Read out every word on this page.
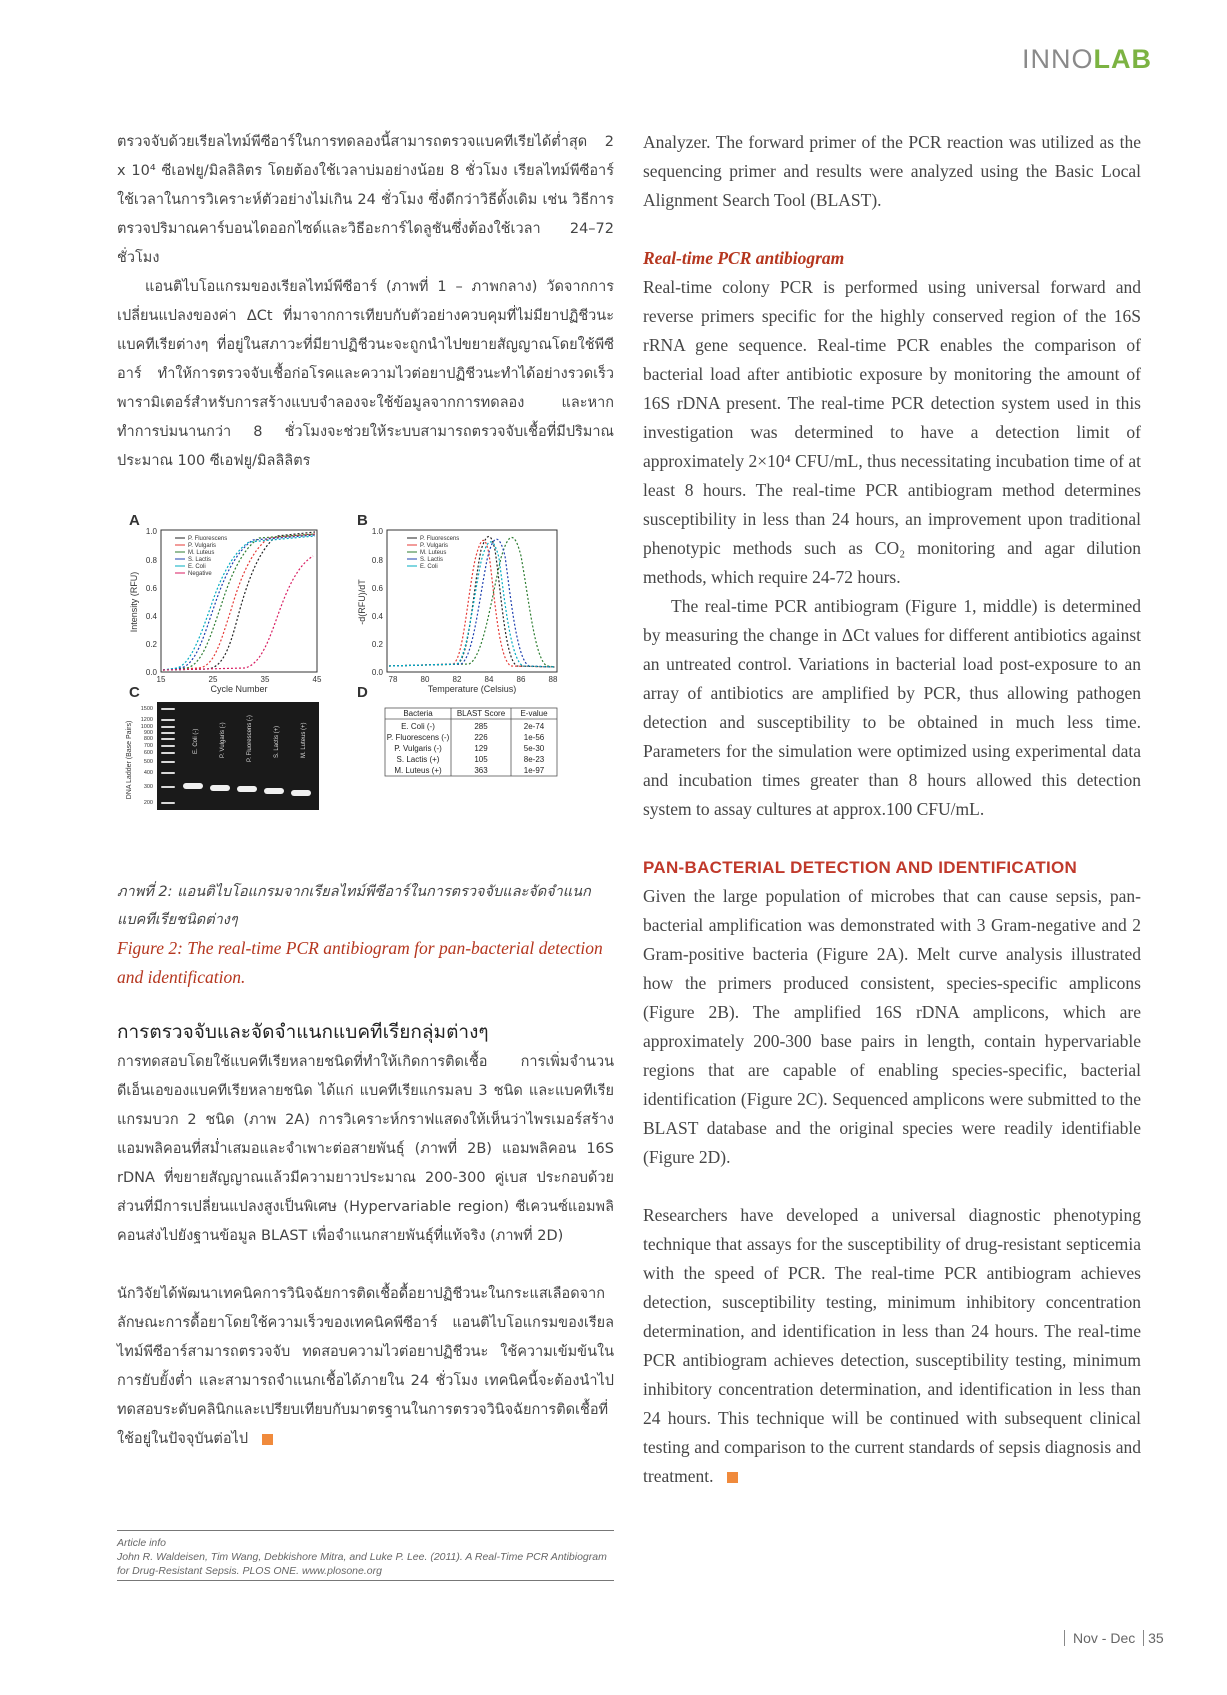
INNOLAB

ตรวจจับด้วยเรียลไทม์พีซีอาร์ในการทดลองนี้สามารถตรวจแบคทีเรียได้ต่ำสุด 2 x 10⁴ ซีเอฟยู/มิลลิลิตร โดยต้องใช้เวลาบ่มอย่างน้อย 8 ชั่วโมง เรียลไทม์พีซีอาร์ใช้เวลาในการวิเคราะห์ตัวอย่างไม่เกิน 24 ชั่วโมง ซึ่งดีกว่าวิธีดั้งเดิม เช่น วิธีการตรวจปริมาณคาร์บอนไดออกไซด์และวิธีอะการ์ไดลูชันซึ่งต้องใช้เวลา 24–72 ชั่วโมง

แอนติไบโอแกรมของเรียลไทม์พีซีอาร์ (ภาพที่ 1 – ภาพกลาง) วัดจากการเปลี่ยนแปลงของค่า ΔCt ที่มาจากการเทียบกับตัวอย่างควบคุมที่ไม่มียาปฏิชีวนะ แบคทีเรียต่างๆ ที่อยู่ในสภาวะที่มียาปฏิชีวนะจะถูกนำไปขยายสัญญาณโดยใช้พีซีอาร์ ทำให้การตรวจจับเชื้อก่อโรคและความไวต่อยาปฏิชีวนะทำได้อย่างรวดเร็ว พารามิเตอร์สำหรับการสร้างแบบจำลองจะใช้ข้อมูลจากการทดลอง และหากทำการบ่มนานกว่า 8 ชั่วโมงจะช่วยให้ระบบสามารถตรวจจับเชื้อที่มีปริมาณประมาณ 100 ซีเอฟยู/มิลลิลิตร

A	B
C	D
0.0
0.2
0.4
0.6
0.8
1.0
15	25	35	45
Cycle Number
Intensity (RFU)
P. Fluorescens
P. Vulgaris
M. Luteus
S. Lactis
E. Coli
Negative
0.0
0.2
0.4
0.6
0.8
1.0
78	80	82	84	86	88
Temperature (Celsius)
-d(RFU)/dT
P. Fluorescens
P. Vulgaris
M. Luteus
S. Lactis
E. Coli
DNA Ladder (Base Pairs)
1500
1200
1000
900
800
700
600
500
400
300
200
E. Coli (-)	P. Vulgaris (-)	P. Fluorescens (-)	S. Lactis (+)	M. Luteus (+)
Bacteria	BLAST Score E-value
E. Coli (-)	285	2e-74
P. Fluorescens (-)	226	1e-56
P. Vulgaris (-)	129	5e-30
S. Lactis (+)	105	8e-23
M. Luteus (+)	363	1e-97

ภาพที่ 2: แอนติไบโอแกรมจากเรียลไทม์พีซีอาร์ในการตรวจจับและจัดจำแนกแบคทีเรียชนิดต่างๆ

Figure 2: The real-time PCR antibiogram for pan-bacterial detection and identification.

การตรวจจับและจัดจำแนกแบคทีเรียกลุ่มต่างๆ

การทดสอบโดยใช้แบคทีเรียหลายชนิดที่ทำให้เกิดการติดเชื้อ การเพิ่มจำนวนดีเอ็นเอของแบคทีเรียหลายชนิด ได้แก่ แบคทีเรียแกรมลบ 3 ชนิด และแบคทีเรียแกรมบวก 2 ชนิด (ภาพ 2A) การวิเคราะห์กราฟแสดงให้เห็นว่าไพรเมอร์สร้างแอมพลิคอนที่สม่ำเสมอและจำเพาะต่อสายพันธุ์ (ภาพที่ 2B) แอมพลิคอน 16S rDNA ที่ขยายสัญญาณแล้วมีความยาวประมาณ 200-300 คู่เบส ประกอบด้วยส่วนที่มีการเปลี่ยนแปลงสูงเป็นพิเศษ (Hypervariable region) ซีเควนซ์แอมพลิคอนส่งไปยังฐานข้อมูล BLAST เพื่อจำแนกสายพันธุ์ที่แท้จริง (ภาพที่ 2D)

นักวิจัยได้พัฒนาเทคนิคการวินิจฉัยการติดเชื้อดื้อยาปฏิชีวนะในกระแสเลือดจากลักษณะการดื้อยาโดยใช้ความเร็วของเทคนิคพีซีอาร์ แอนติไบโอแกรมของเรียลไทม์พีซีอาร์สามารถตรวจจับ ทดสอบความไวต่อยาปฏิชีวนะ ใช้ความเข้มข้นในการยับยั้งต่ำ และสามารถจำแนกเชื้อได้ภายใน 24 ชั่วโมง เทคนิคนี้จะต้องนำไปทดสอบระดับคลินิกและเปรียบเทียบกับมาตรฐานในการตรวจวินิจฉัยการติดเชื้อที่ใช้อยู่ในปัจจุบันต่อไป

Article info
John R. Waldeisen, Tim Wang, Debkishore Mitra, and Luke P. Lee. (2011). A Real-Time PCR Antibiogram for Drug-Resistant Sepsis. PLOS ONE. www.plosone.org

Analyzer. The forward primer of the PCR reaction was utilized as the sequencing primer and results were analyzed using the Basic Local Alignment Search Tool (BLAST).

Real-time PCR antibiogram

Real-time colony PCR is performed using universal forward and reverse primers specific for the highly conserved region of the 16S rRNA gene sequence. Real-time PCR enables the comparison of bacterial load after antibiotic exposure by monitoring the amount of 16S rDNA present. The real-time PCR detection system used in this investigation was determined to have a detection limit of approximately 2×10⁴ CFU/mL, thus necessitating incubation time of at least 8 hours. The real-time PCR antibiogram method determines susceptibility in less than 24 hours, an improvement upon traditional phenotypic methods such as CO₂ monitoring and agar dilution methods, which require 24-72 hours.

The real-time PCR antibiogram (Figure 1, middle) is determined by measuring the change in ΔCt values for different antibiotics against an untreated control. Variations in bacterial load post-exposure to an array of antibiotics are amplified by PCR, thus allowing pathogen detection and susceptibility to be obtained in much less time. Parameters for the simulation were optimized using experimental data and incubation times greater than 8 hours allowed this detection system to assay cultures at approx.100 CFU/mL.

PAN-BACTERIAL DETECTION AND IDENTIFICATION

Given the large population of microbes that can cause sepsis, pan-bacterial amplification was demonstrated with 3 Gram-negative and 2 Gram-positive bacteria (Figure 2A). Melt curve analysis illustrated how the primers produced consistent, species-specific amplicons (Figure 2B). The amplified 16S rDNA amplicons, which are approximately 200-300 base pairs in length, contain hypervariable regions that are capable of enabling species-specific, bacterial identification (Figure 2C). Sequenced amplicons were submitted to the BLAST database and the original species were readily identifiable (Figure 2D).

Researchers have developed a universal diagnostic phenotyping technique that assays for the susceptibility of drug-resistant septicemia with the speed of PCR. The real-time PCR antibiogram achieves detection, susceptibility testing, minimum inhibitory concentration determination, and identification in less than 24 hours. The real-time PCR antibiogram achieves detection, susceptibility testing, minimum inhibitory concentration determination, and identification in less than 24 hours. This technique will be continued with subsequent clinical testing and comparison to the current standards of sepsis diagnosis and treatment.

Nov - Dec 35
